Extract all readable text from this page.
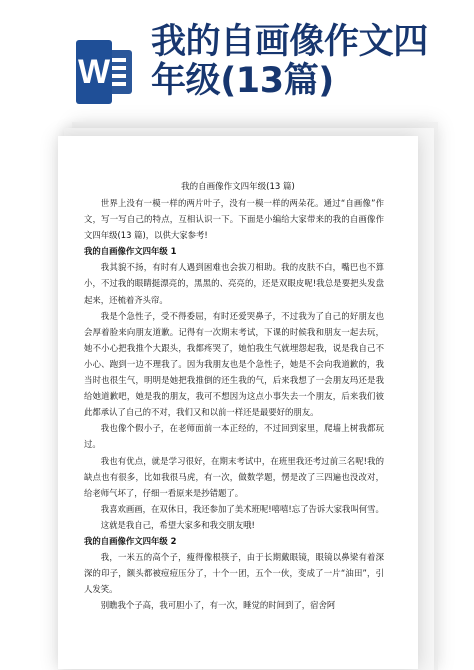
W
我的自画像作文四
年级(13篇)
我的自画像作文四年级(13 篇)

世界上没有一模一样的两片叶子，没有一模一样的两朵花。通过“自画像”作文，写一写自己的特点，互相认识一下。下面是小编给大家带来的我的自画像作文四年级(13 篇)，以供大家参考!

我的自画像作文四年级 1

我其貌不扬，有时有人遇到困难也会拔刀相助。我的皮肤不白，嘴巴也不算小，不过我的眼睛挺漂亮的，黑黑的、亮亮的，还是双眼皮呢!我总是要把头发盘起来，还梳着齐头帘。

我是个急性子，受不得委屈，有时还爱哭鼻子，不过我为了自己的好朋友也会厚着脸来向朋友道歉。记得有一次期末考试，下课的时候我和朋友一起去玩，她不小心把我推个大跟头，我都疼哭了，她怕我生气就埋怨起我，说是我自己不小心、跑到一边不理我了。因为我朋友也是个急性子，她是不会向我道歉的，我当时也很生气，明明是她把我推倒的还生我的气，后来我想了一会朋友玛还是我给她道歉吧，她是我的朋友，我可不想因为这点小事失去一个朋友，后来我们彼此都承认了自己的不对，我们又和以前一样还是最要好的朋友。

我也像个假小子，在老师面前一本正经的，不过回到家里，爬墙上树我都玩过。

我也有优点，就是学习很好，在期末考试中，在班里我还考过前三名呢!我的缺点也有很多，比如我很马虎，有一次，做数学题，愣是改了三四遍也没改对，给老师气坏了，仔细一看原来是抄错题了。

我喜欢画画，在双休日，我还参加了美术班呢!嘻嘻!忘了告诉大家我叫何雪。

这就是我自己，希望大家多和我交朋友哦!

我的自画像作文四年级 2

我，一米五的高个子，瘦得像根筷子，由于长期戴眼镜，眼镜以鼻梁有着深深的印子，额头都被痘痘压分了，十个一团，五个一伙，变成了一片“油田”，引人发笑。

别瞧我个子高，我可胆小了，有一次，睡觉的时间到了，宿舍阿
